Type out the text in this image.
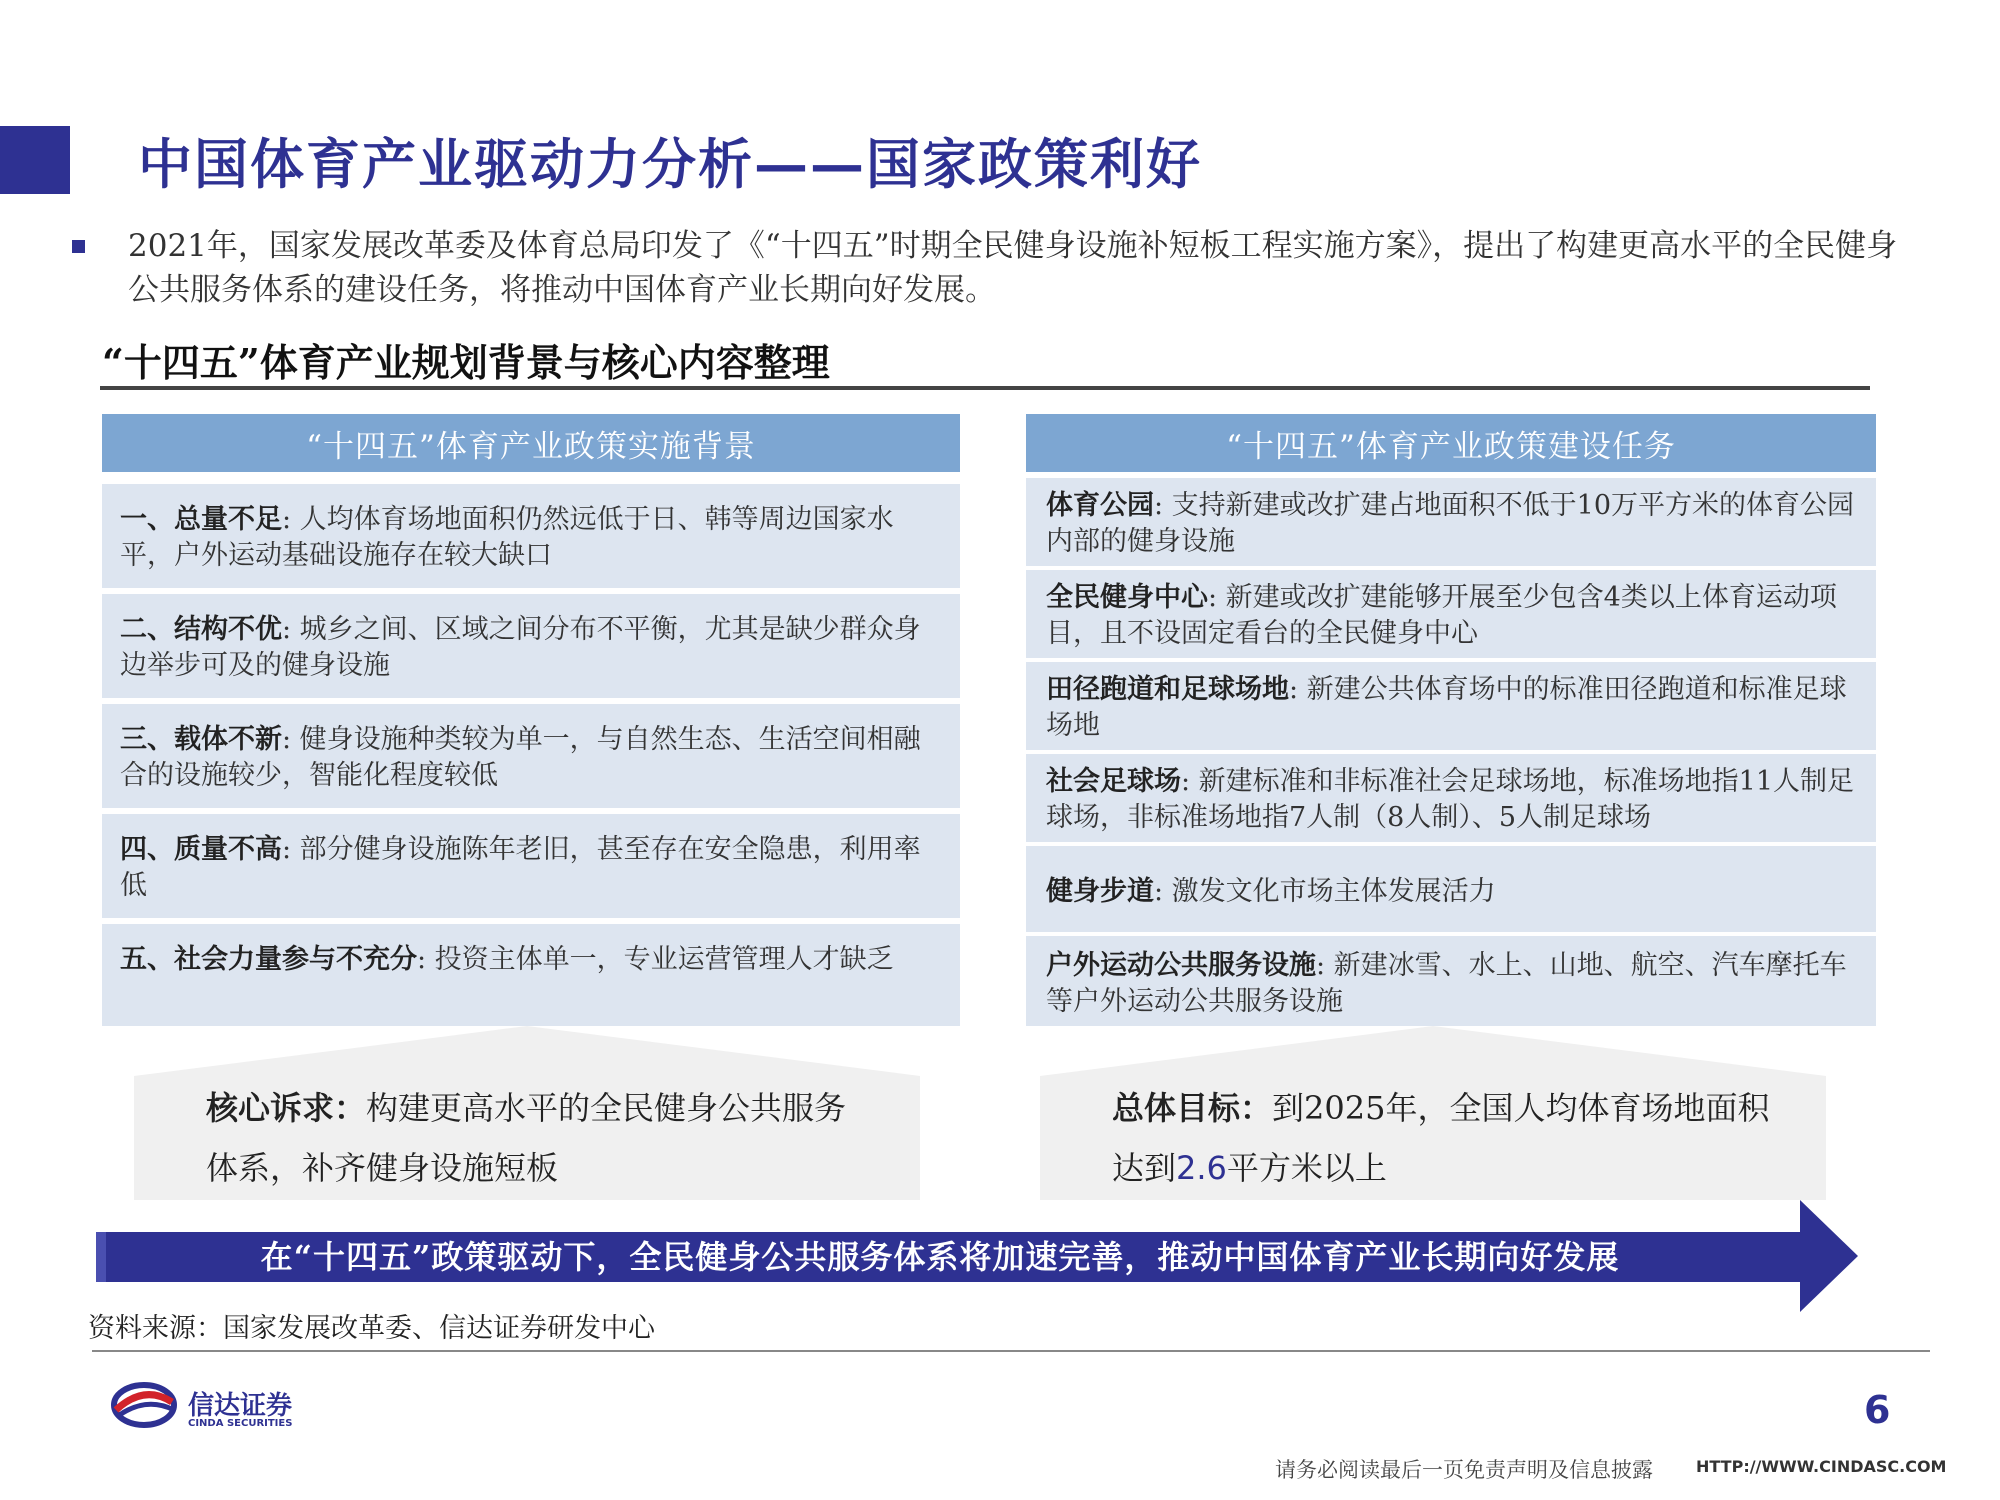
中国体育产业驱动力分析——国家政策利好
2021年，国家发展改革委及体育总局印发了《“十四五”时期全民健身设施补短板工程实施方案》，提出了构建更高水平的全民健身公共服务体系的建设任务，将推动中国体育产业长期向好发展。
“十四五”体育产业规划背景与核心内容整理
“十四五”体育产业政策实施背景
一、总量不足: 人均体育场地面积仍然远低于日、韩等周边国家水平，户外运动基础设施存在较大缺口
二、结构不优: 城乡之间、区域之间分布不平衡，尤其是缺少群众身边举步可及的健身设施
三、载体不新: 健身设施种类较为单一，与自然生态、生活空间相融合的设施较少，智能化程度较低
四、质量不高: 部分健身设施陈年老旧，甚至存在安全隐患，利用率低
五、社会力量参与不充分: 投资主体单一，专业运营管理人才缺乏
“十四五”体育产业政策建设任务
体育公园: 支持新建或改扩建占地面积不低于10万平方米的体育公园内部的健身设施
全民健身中心: 新建或改扩建能够开展至少包含4类以上体育运动项目，且不设固定看台的全民健身中心
田径跑道和足球场地: 新建公共体育场中的标准田径跑道和标准足球场地
社会足球场: 新建标准和非标准社会足球场地，标准场地指11人制足球场，非标准场地指7人制（8人制）、5人制足球场
健身步道: 激发文化市场主体发展活力
户外运动公共服务设施: 新建冰雪、水上、山地、航空、汽车摩托车等户外运动公共服务设施
核心诉求：构建更高水平的全民健身公共服务体系，补齐健身设施短板
总体目标：到2025年，全国人均体育场地面积达到2.6平方米以上
在“十四五”政策驱动下，全民健身公共服务体系将加速完善，推动中国体育产业长期向好发展
资料来源：国家发展改革委、信达证券研发中心
信达证券
CINDA SECURITIES	6
请务必阅读最后一页免责声明及信息披露	HTTP://WWW.CINDASC.COM
